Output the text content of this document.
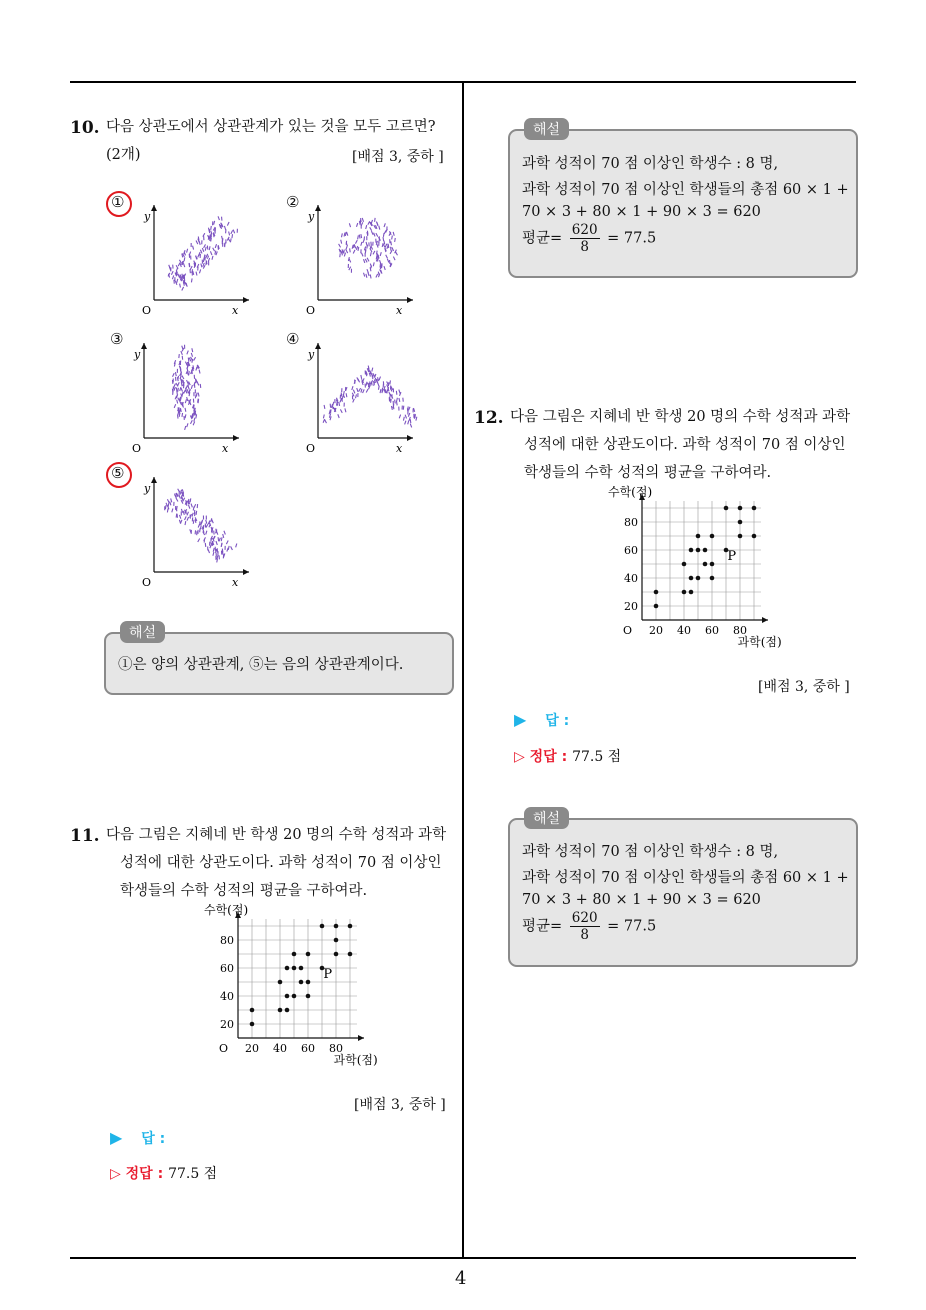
4
10. 다음 상관도에서 상관관계가 있는 것을 모두 고르면?
(2개)	[배점 3, 중하 ]
①	②
③	④
⑤
y
x
O
y
x
O
y
x
O
y
x
O
y
x
O
해설
①은 양의 상관관계, ⑤는 음의 상관관계이다.
11. 다음 그림은 지혜네 반 학생 20 명의 수학 성적과 과학
성적에 대한 상관도이다. 과학 성적이 70 점 이상인
학생들의 수학 성적의 평균을 구하여라.
20 40 60 80
20
40
60
80
O
수학(점)
과학(점)
P
[배점 3, 중하 ]
▶ 답 :
▷ 정답 : 77.5 점
해설
과학 성적이 70 점 이상인 학생수 : 8 명,
과학 성적이 70 점 이상인 학생들의 총점 60 × 1 +
70 × 3 + 80 × 1 + 90 × 3 = 620
평균= $\frac{620}{8} = 77.5$
12. 다음 그림은 지혜네 반 학생 20 명의 수학 성적과 과학
성적에 대한 상관도이다. 과학 성적이 70 점 이상인
학생들의 수학 성적의 평균을 구하여라.
20 40 60 80
20
40
60
80
O
수학(점)
과학(점)
P
[배점 3, 중하 ]
▶ 답 :
▷ 정답 : 77.5 점
해설
과학 성적이 70 점 이상인 학생수 : 8 명,
과학 성적이 70 점 이상인 학생들의 총점 60 × 1 +
70 × 3 + 80 × 1 + 90 × 3 = 620
평균= $\frac{620}{8} = 77.5$
